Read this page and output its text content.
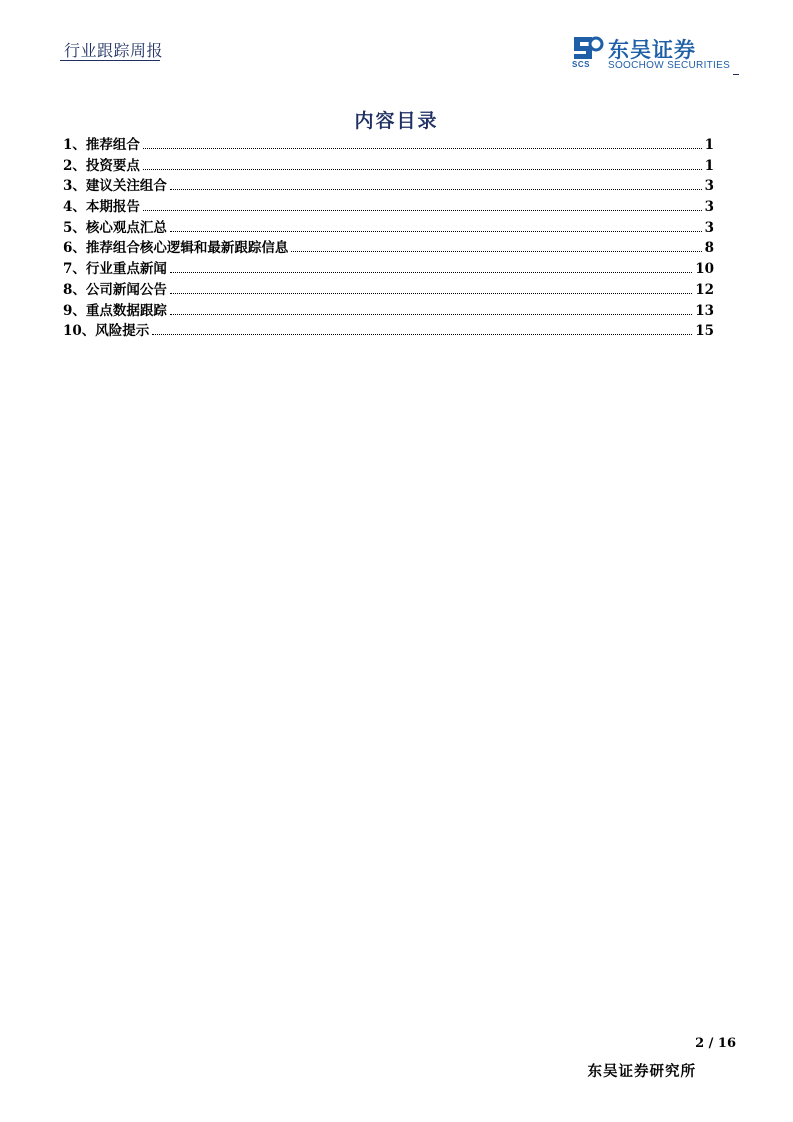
行业跟踪周报
SCS
东吴证券
SOOCHOW SECURITIES
内容目录
1、推荐组合	1
2、投资要点	1
3、建议关注组合	3
4、本期报告	3
5、核心观点汇总	3
6、推荐组合核心逻辑和最新跟踪信息	8
7、行业重点新闻	10
8、公司新闻公告	12
9、重点数据跟踪	13
10、风险提示	15
2 / 16
东吴证券研究所
